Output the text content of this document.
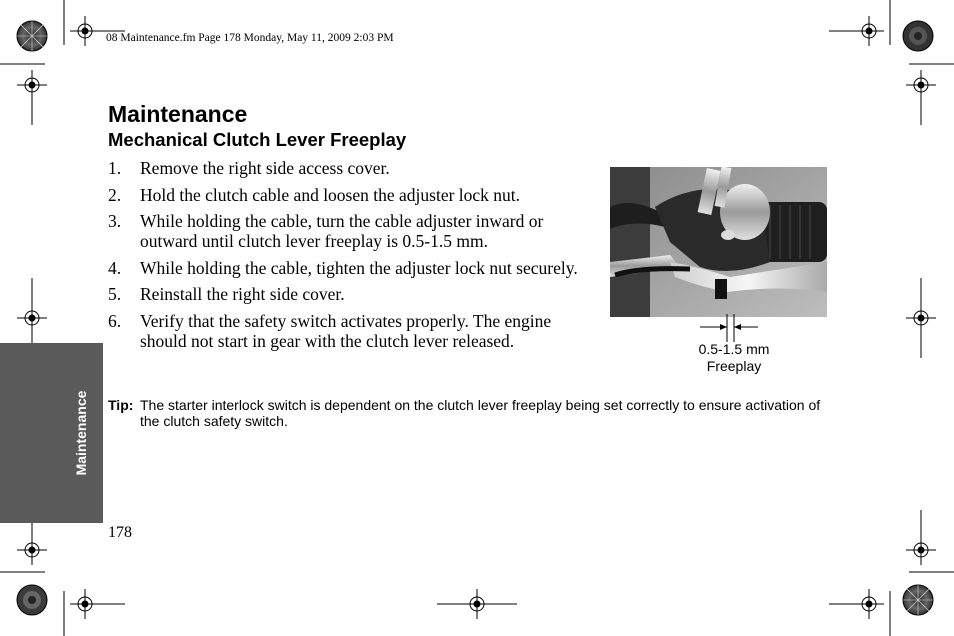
08 Maintenance.fm Page 178 Monday, May 11, 2009 2:03 PM
Maintenance
Maintenance
Mechanical Clutch Lever Freeplay
1. Remove the right side access cover.
2. Hold the clutch cable and loosen the adjuster lock nut.
3. While holding the cable, turn the cable adjuster inward or outward until clutch lever freeplay is 0.5-1.5 mm.
4. While holding the cable, tighten the adjuster lock nut securely.
5. Reinstall the right side cover.
6. Verify that the safety switch activates properly. The engine should not start in gear with the clutch lever released.	0.5-1.5 mm
Freeplay
Tip: The starter interlock switch is dependent on the clutch lever freeplay being set correctly to ensure activation of the clutch safety switch.
178
